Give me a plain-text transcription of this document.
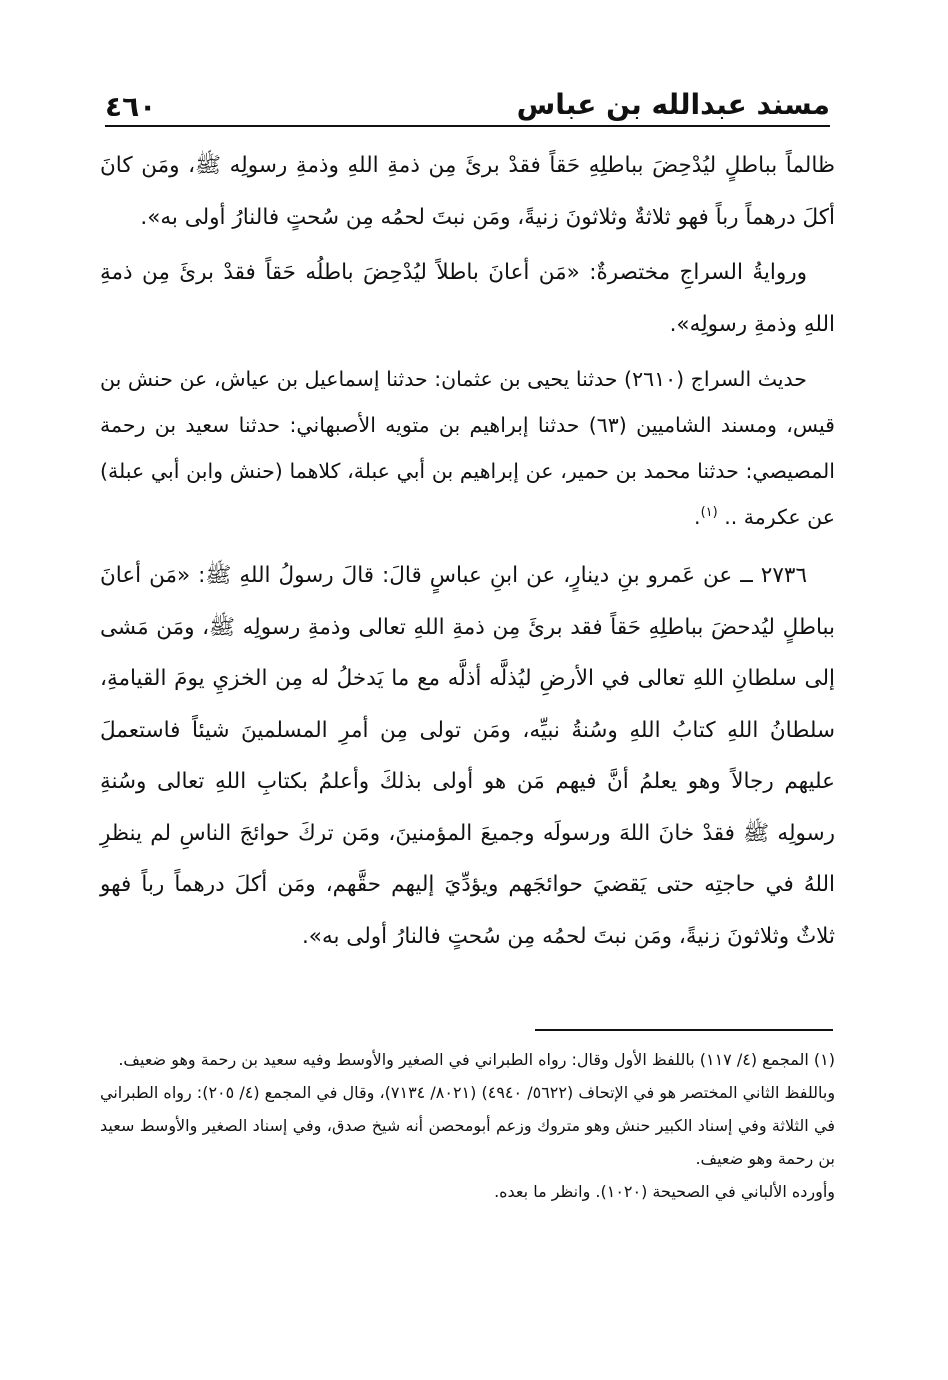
مسند عبدالله بن عباس
٤٦٠

ظالماً بباطلٍ ليُدْحِضَ بباطلِهِ حَقاً فقدْ برئَ مِن ذمةِ اللهِ وذمةِ رسولِه ﷺ، ومَن كانَ أكلَ درهماً رباً فهو ثلاثةٌ وثلاثونَ زنيةً، ومَن نبتَ لحمُه مِن سُحتٍ فالنارُ أولى به».

وروايةُ السراجِ مختصرةٌ: «مَن أعانَ باطلاً ليُدْحِضَ باطلُه حَقاً فقدْ برئَ مِن ذمةِ اللهِ وذمةِ رسولِه».

حديث السراج (٢٦١٠) حدثنا يحيى بن عثمان: حدثنا إسماعيل بن عياش، عن حنش بن قيس، ومسند الشاميين (٦٣) حدثنا إبراهيم بن متويه الأصبهاني: حدثنا سعيد بن رحمة المصيصي: حدثنا محمد بن حمير، عن إبراهيم بن أبي عبلة، كلاهما (حنش وابن أبي عبلة) عن عكرمة .. $^{(١)}$.

٢٧٣٦ ــ عن عَمرو بنِ دينارٍ، عن ابنِ عباسٍ قالَ: قالَ رسولُ اللهِ ﷺ: «مَن أعانَ بباطلٍ ليُدحضَ بباطلِهِ حَقاً فقد برئَ مِن ذمةِ اللهِ تعالى وذمةِ رسولِه ﷺ، ومَن مَشى إلى سلطانِ اللهِ تعالى في الأرضِ ليُذلَّه أذلَّه مع ما يَدخلُ له مِن الخزيِ يومَ القيامةِ، سلطانُ اللهِ كتابُ اللهِ وسُنةُ نبيِّه، ومَن تولى مِن أمرِ المسلمينَ شيئاً فاستعملَ عليهم رجالاً وهو يعلمُ أنَّ فيهم مَن هو أولى بذلكَ وأعلمُ بكتابِ اللهِ تعالى وسُنةِ رسولِه ﷺ فقدْ خانَ اللهَ ورسولَه وجميعَ المؤمنينَ، ومَن تركَ حوائجَ الناسِ لم ينظرِ اللهُ في حاجتِه حتى يَقضيَ حوائجَهم ويؤدِّيَ إليهم حقَّهم، ومَن أكلَ درهماً رباً فهو ثلاثٌ وثلاثونَ زنيةً، ومَن نبتَ لحمُه مِن سُحتٍ فالنارُ أولى به».

(١) المجمع (٤/ ١١٧) باللفظ الأول وقال: رواه الطبراني في الصغير والأوسط وفيه سعيد بن رحمة وهو ضعيف.

وباللفظ الثاني المختصر هو في الإتحاف (٥٦٢٢/ ٤٩٤٠) (٨٠٢١/ ٧١٣٤)، وقال في المجمع (٤/ ٢٠٥): رواه الطبراني في الثلاثة وفي إسناد الكبير حنش وهو متروك وزعم أبومحصن أنه شيخ صدق، وفي إسناد الصغير والأوسط سعيد بن رحمة وهو ضعيف.

وأورده الألباني في الصحيحة (١٠٢٠). وانظر ما بعده.
